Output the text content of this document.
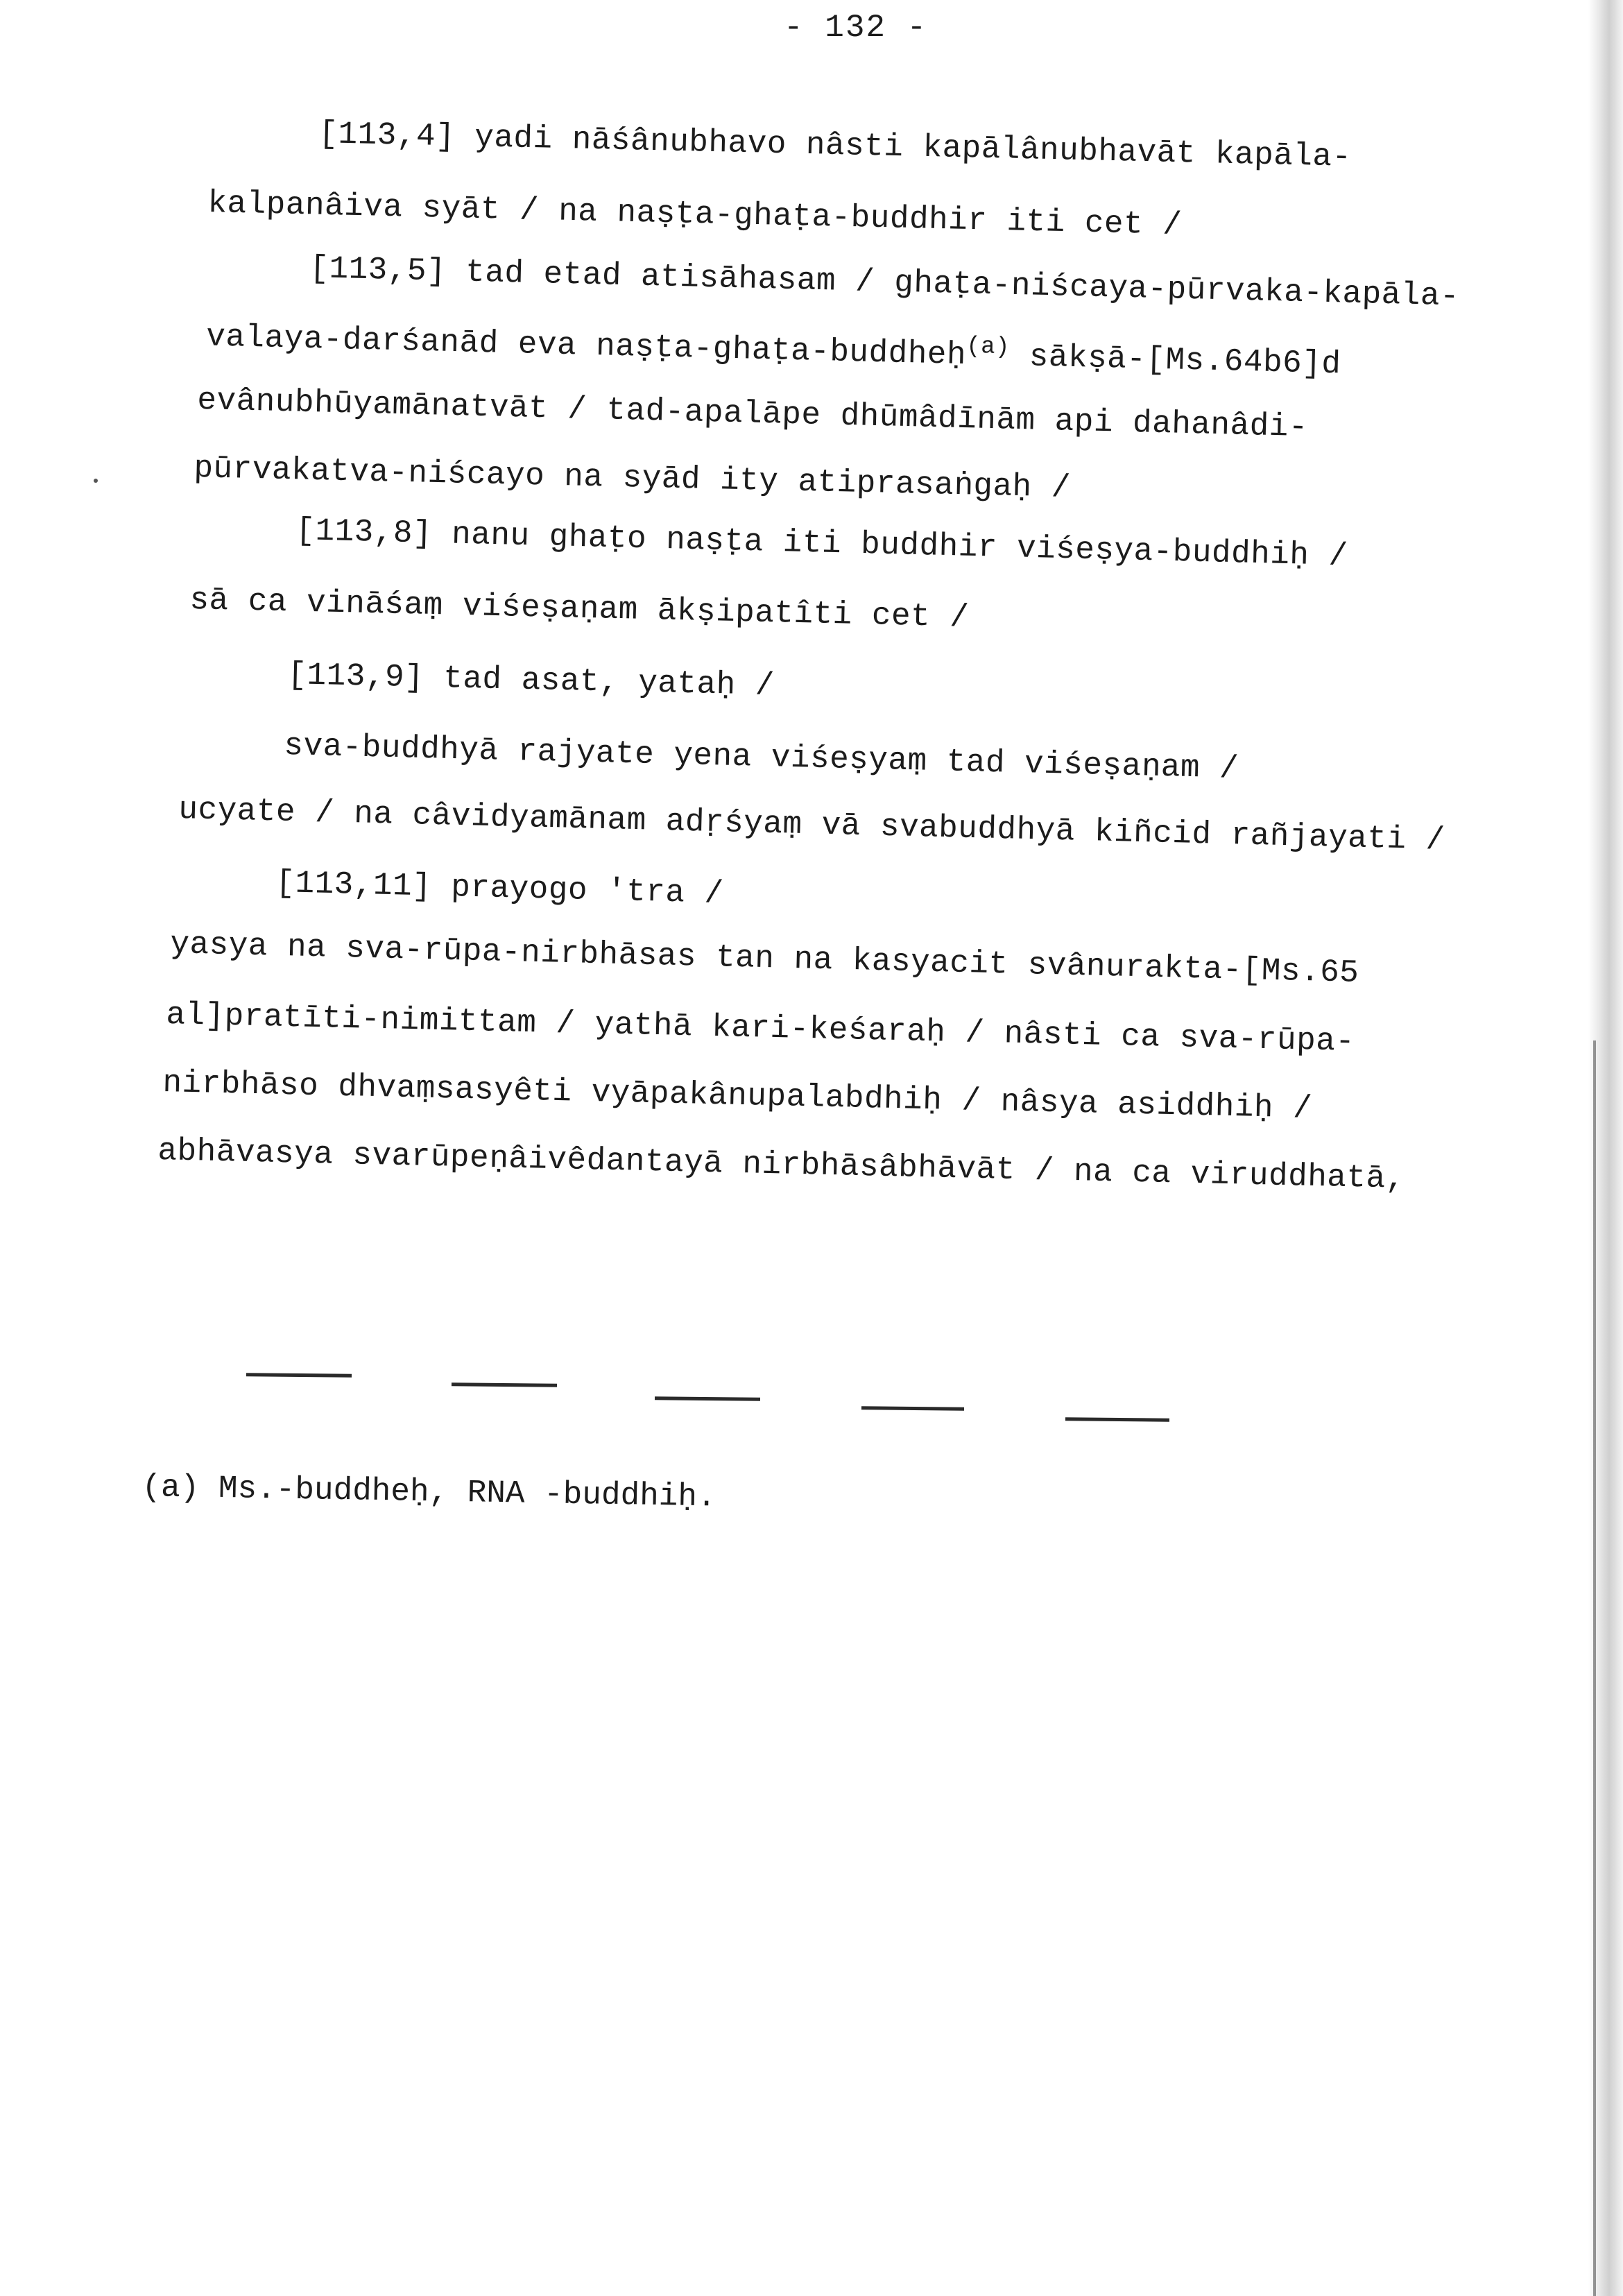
- 132 -
[113,4] yadi nāśânubhavo nâsti kapālânubhavāt kapāla-
kalpanâiva syāt / na naṣṭa-ghaṭa-buddhir iti cet /
[113,5] tad etad atisāhasam / ghaṭa-niścaya-pūrvaka-kapāla-
valaya-darśanād eva naṣṭa-ghaṭa-buddheḥ$^{(a)}$ sākṣā-[Ms.64b6]d
evânubhūyamānatvāt / tad-apalāpe dhūmâdīnām api dahanâdi-
pūrvakatva-niścayo na syād ity atiprasaṅgaḥ /
[113,8] nanu ghaṭo naṣṭa iti buddhir viśeṣya-buddhiḥ /
sā ca vināśaṃ viśeṣaṇam ākṣipatîti cet /
[113,9] tad asat, yataḥ /
sva-buddhyā rajyate yena viśeṣyaṃ tad viśeṣaṇam /
ucyate / na câvidyamānam adṛśyaṃ vā svabuddhyā kiñcid rañjayati /
[113,11] prayogo 'tra /
yasya na sva-rūpa-nirbhāsas tan na kasyacit svânurakta-[Ms.65
al]pratīti-nimittam / yathā kari-keśaraḥ / nâsti ca sva-rūpa-
nirbhāso dhvaṃsasyêti vyāpakânupalabdhiḥ / nâsya asiddhiḥ /
abhāvasya svarūpeṇâivêdantayā nirbhāsâbhāvāt / na ca viruddhatā,
(a) Ms.-buddheḥ, RNA -buddhiḥ.
